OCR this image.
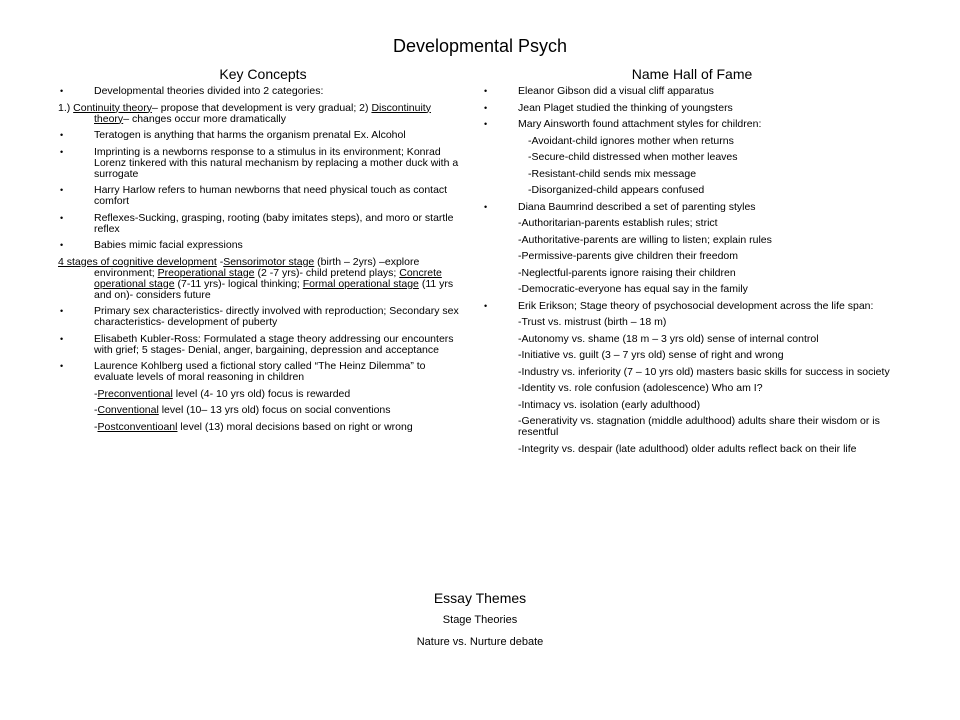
Developmental Psych
Key Concepts
• Developmental theories divided into 2 categories:
1.) Continuity theory– propose that development is very gradual; 2) Discontinuity theory– changes occur more dramatically
• Teratogen is anything that harms the organism prenatal Ex. Alcohol
• Imprinting is a newborns response to a stimulus in its environment; Konrad Lorenz tinkered with this natural mechanism by replacing a mother duck with a surrogate
• Harry Harlow refers to human newborns that need physical touch as contact comfort
• Reflexes-Sucking, grasping, rooting (baby imitates steps), and moro or startle reflex
• Babies mimic facial expressions
4 stages of cognitive development -Sensorimotor stage (birth – 2yrs) –explore environment; Preoperational stage (2 -7 yrs)- child pretend plays; Concrete operational stage (7-11 yrs)- logical thinking; Formal operational stage (11 yrs and on)- considers future
• Primary sex characteristics- directly involved with reproduction; Secondary sex characteristics- development of puberty
• Elisabeth Kubler-Ross: Formulated a stage theory addressing our encounters with grief; 5 stages- Denial, anger, bargaining, depression and acceptance
• Laurence Kohlberg used a fictional story called “The Heinz Dilemma” to evaluate levels of moral reasoning in children
-Preconventional level (4- 10 yrs old) focus is rewarded
-Conventional level (10– 13 yrs old) focus on social conventions
-Postconventioanl level (13) moral decisions based on right or wrong
Name Hall of Fame
• Eleanor Gibson did a visual cliff apparatus
• Jean Plaget studied the thinking of youngsters
• Mary Ainsworth found attachment styles for children:
-Avoidant-child ignores mother when returns
-Secure-child distressed when mother leaves
-Resistant-child sends mix message
-Disorganized-child appears confused
• Diana Baumrind described a set of parenting styles
-Authoritarian-parents establish rules; strict
-Authoritative-parents are willing to listen; explain rules
-Permissive-parents give children their freedom
-Neglectful-parents ignore raising their children
-Democratic-everyone has equal say in the family
• Erik Erikson; Stage theory of psychosocial development across the life span:
-Trust vs. mistrust (birth – 18 m)
-Autonomy vs. shame (18 m – 3 yrs old) sense of internal control
-Initiative vs. guilt (3 – 7 yrs old) sense of right and wrong
-Industry vs. inferiority (7 – 10 yrs old) masters basic skills for success in society
-Identity vs. role confusion (adolescence) Who am I?
-Intimacy vs. isolation (early adulthood)
-Generativity vs. stagnation (middle adulthood) adults share their wisdom or is resentful
-Integrity vs. despair (late adulthood) older adults reflect back on their life
Essay Themes
Stage Theories
Nature vs. Nurture debate
